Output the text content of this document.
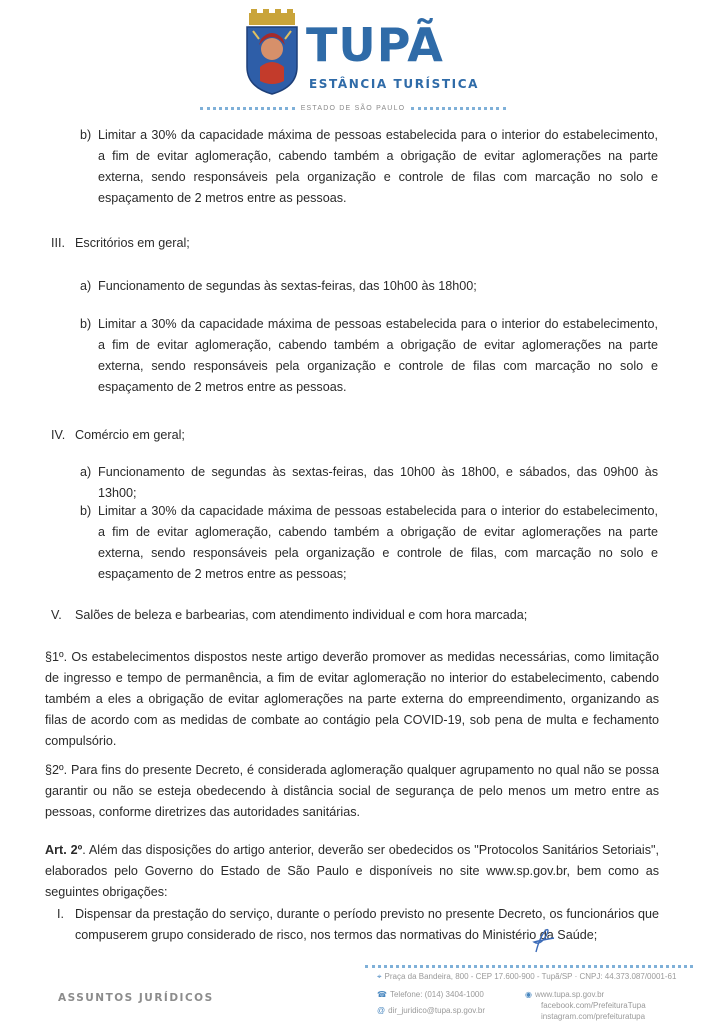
TUPÃ
ESTÂNCIA TURÍSTICA
ESTADO DE SÃO PAULO
b) Limitar a 30% da capacidade máxima de pessoas estabelecida para o interior do estabelecimento, a fim de evitar aglomeração, cabendo também a obrigação de evitar aglomerações na parte externa, sendo responsáveis pela organização e controle de filas com marcação no solo e espaçamento de 2 metros entre as pessoas.
III. Escritórios em geral;
a) Funcionamento de segundas às sextas-feiras, das 10h00 às 18h00;
b) Limitar a 30% da capacidade máxima de pessoas estabelecida para o interior do estabelecimento, a fim de evitar aglomeração, cabendo também a obrigação de evitar aglomerações na parte externa, sendo responsáveis pela organização e controle de filas com marcação no solo e espaçamento de 2 metros entre as pessoas.
IV. Comércio em geral;
a) Funcionamento de segundas às sextas-feiras, das 10h00 às 18h00, e sábados, das 09h00 às 13h00;
b) Limitar a 30% da capacidade máxima de pessoas estabelecida para o interior do estabelecimento, a fim de evitar aglomeração, cabendo também a obrigação de evitar aglomerações na parte externa, sendo responsáveis pela organização e controle de filas, com marcação no solo e espaçamento de 2 metros entre as pessoas;
V. Salões de beleza e barbearias, com atendimento individual e com hora marcada;
§1º. Os estabelecimentos dispostos neste artigo deverão promover as medidas necessárias, como limitação de ingresso e tempo de permanência, a fim de evitar aglomeração no interior do estabelecimento, cabendo também a eles a obrigação de evitar aglomerações na parte externa do empreendimento, organizando as filas de acordo com as medidas de combate ao contágio pela COVID-19, sob pena de multa e fechamento compulsório.
§2º. Para fins do presente Decreto, é considerada aglomeração qualquer agrupamento no qual não se possa garantir ou não se esteja obedecendo à distância social de segurança de pelo menos um metro entre as pessoas, conforme diretrizes das autoridades sanitárias.
Art. 2º. Além das disposições do artigo anterior, deverão ser obedecidos os "Protocolos Sanitários Setoriais", elaborados pelo Governo do Estado de São Paulo e disponíveis no site www.sp.gov.br, bem como as seguintes obrigações:
I. Dispensar da prestação do serviço, durante o período previsto no presente Decreto, os funcionários que compuserem grupo considerado de risco, nos termos das normativas do Ministério da Saúde;
ASSUNTOS JURÍDICOS
⌖ Praça da Bandeira, 800 - CEP 17.600-900 - Tupã/SP · CNPJ: 44.373.087/0001-61
☎ Telefone: (014) 3404-1000
@ dir_juridico@tupa.sp.gov.br
◉ www.tupa.sp.gov.br
facebook.com/PrefeituraTupa
instagram.com/prefeituratupa
